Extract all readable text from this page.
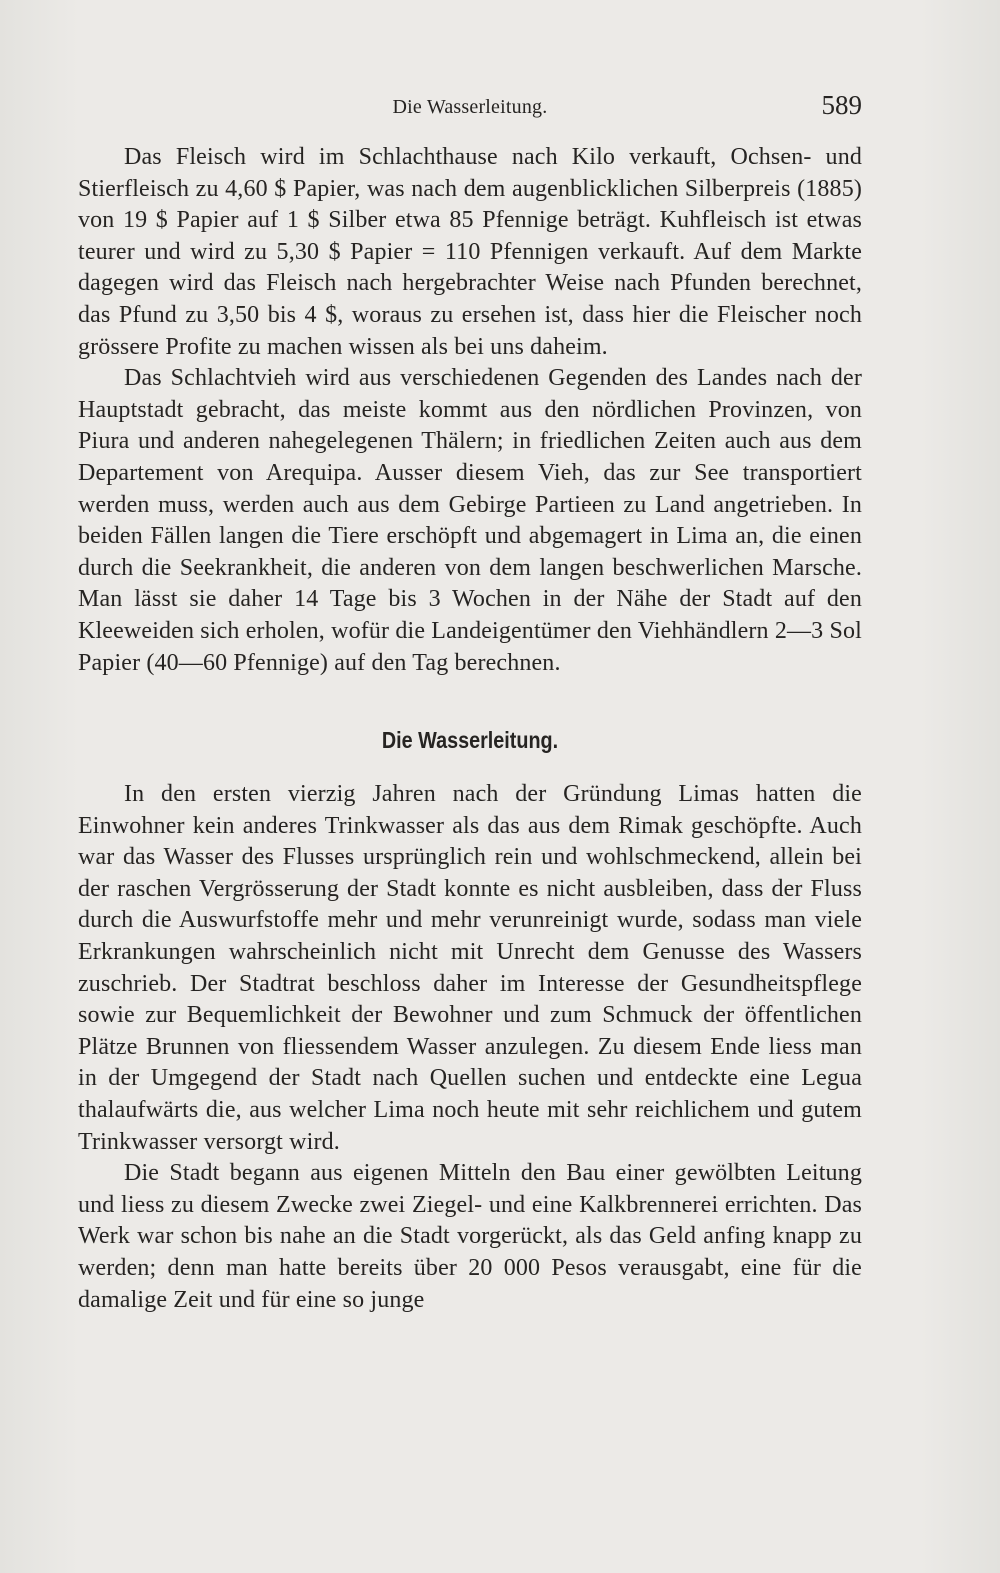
Die Wasserleitung.	589

Das Fleisch wird im Schlachthause nach Kilo verkauft, Ochsen- und Stierfleisch zu 4,60 $ Papier, was nach dem augenblicklichen Silberpreis (1885) von 19 $ Papier auf 1 $ Silber etwa 85 Pfennige beträgt. Kuhfleisch ist etwas teurer und wird zu 5,30 $ Papier = 110 Pfennigen verkauft. Auf dem Markte dagegen wird das Fleisch nach hergebrachter Weise nach Pfunden berechnet, das Pfund zu 3,50 bis 4 $, woraus zu ersehen ist, dass hier die Fleischer noch grössere Profite zu machen wissen als bei uns daheim.

Das Schlachtvieh wird aus verschiedenen Gegenden des Landes nach der Hauptstadt gebracht, das meiste kommt aus den nördlichen Provinzen, von Piura und anderen nahegelegenen Thälern; in friedlichen Zeiten auch aus dem Departement von Arequipa. Ausser diesem Vieh, das zur See transportiert werden muss, werden auch aus dem Gebirge Partieen zu Land angetrieben. In beiden Fällen langen die Tiere erschöpft und abgemagert in Lima an, die einen durch die Seekrankheit, die anderen von dem langen beschwerlichen Marsche. Man lässt sie daher 14 Tage bis 3 Wochen in der Nähe der Stadt auf den Kleeweiden sich erholen, wofür die Landeigentümer den Viehhändlern 2—3 Sol Papier (40—60 Pfennige) auf den Tag berechnen.

Die Wasserleitung.

In den ersten vierzig Jahren nach der Gründung Limas hatten die Einwohner kein anderes Trinkwasser als das aus dem Rimak geschöpfte. Auch war das Wasser des Flusses ursprünglich rein und wohlschmeckend, allein bei der raschen Vergrösserung der Stadt konnte es nicht ausbleiben, dass der Fluss durch die Auswurfstoffe mehr und mehr verunreinigt wurde, sodass man viele Erkrankungen wahrscheinlich nicht mit Unrecht dem Genusse des Wassers zuschrieb. Der Stadtrat beschloss daher im Interesse der Gesundheitspflege sowie zur Bequemlichkeit der Bewohner und zum Schmuck der öffentlichen Plätze Brunnen von fliessendem Wasser anzulegen. Zu diesem Ende liess man in der Umgegend der Stadt nach Quellen suchen und entdeckte eine Legua thalaufwärts die, aus welcher Lima noch heute mit sehr reichlichem und gutem Trinkwasser versorgt wird.

Die Stadt begann aus eigenen Mitteln den Bau einer gewölbten Leitung und liess zu diesem Zwecke zwei Ziegel- und eine Kalkbrennerei errichten. Das Werk war schon bis nahe an die Stadt vorgerückt, als das Geld anfing knapp zu werden; denn man hatte bereits über 20 000 Pesos verausgabt, eine für die damalige Zeit und für eine so junge
